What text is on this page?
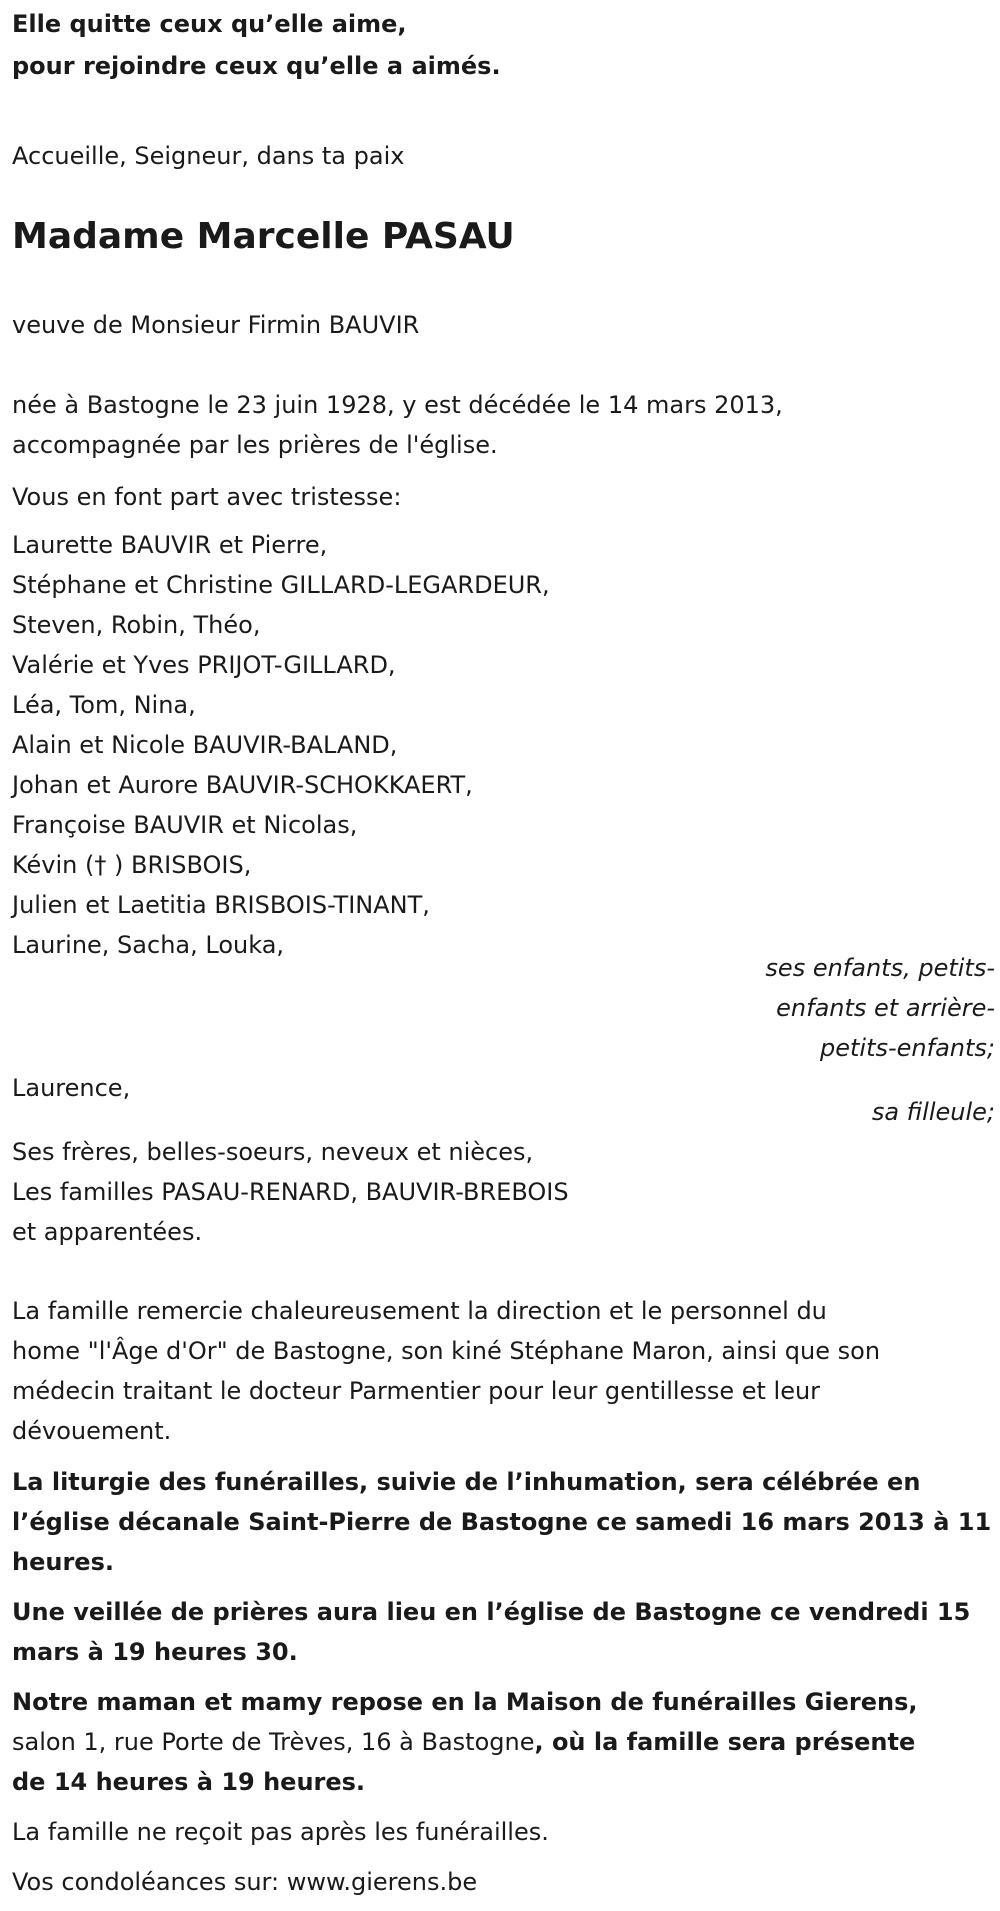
Elle quitte ceux qu’elle aime,

pour rejoindre ceux qu’elle a aimés.

Accueille, Seigneur, dans ta paix

Madame Marcelle PASAU

veuve de Monsieur Firmin BAUVIR

née à Bastogne le 23 juin 1928, y est décédée le 14 mars 2013,

accompagnée par les prières de l'église.

Vous en font part avec tristesse:

Laurette BAUVIR et Pierre,
Stéphane et Christine GILLARD-LEGARDEUR,
Steven, Robin, Théo,
Valérie et Yves PRIJOT-GILLARD,
Léa, Tom, Nina,
Alain et Nicole BAUVIR-BALAND,
Johan et Aurore BAUVIR-SCHOKKAERT,
Françoise BAUVIR et Nicolas,
Kévin († ) BRISBOIS,
Julien et Laetitia BRISBOIS-TINANT,
Laurine, Sacha, Louka,

ses enfants, petits-

enfants et arrière-

petits-enfants;

Laurence,

sa filleule;

Ses frères, belles-soeurs, neveux et nièces,
Les familles PASAU-RENARD, BAUVIR-BREBOIS
et apparentées.
La famille remercie chaleureusement la direction et le personnel du
home "l'Âge d'Or" de Bastogne, son kiné Stéphane Maron, ainsi que son
médecin traitant le docteur Parmentier pour leur gentillesse et leur
dévouement.
La liturgie des funérailles, suivie de l’inhumation, sera célébrée en
l’église décanale Saint-Pierre de Bastogne ce samedi 16 mars 2013 à 11
heures.
Une veillée de prières aura lieu en l’église de Bastogne ce vendredi 15
mars à 19 heures 30.
Notre maman et mamy repose en la Maison de funérailles Gierens,
salon 1, rue Porte de Trèves, 16 à Bastogne, où la famille sera présente
de 14 heures à 19 heures.

La famille ne reçoit pas après les funérailles.

Vos condoléances sur: www.gierens.be
